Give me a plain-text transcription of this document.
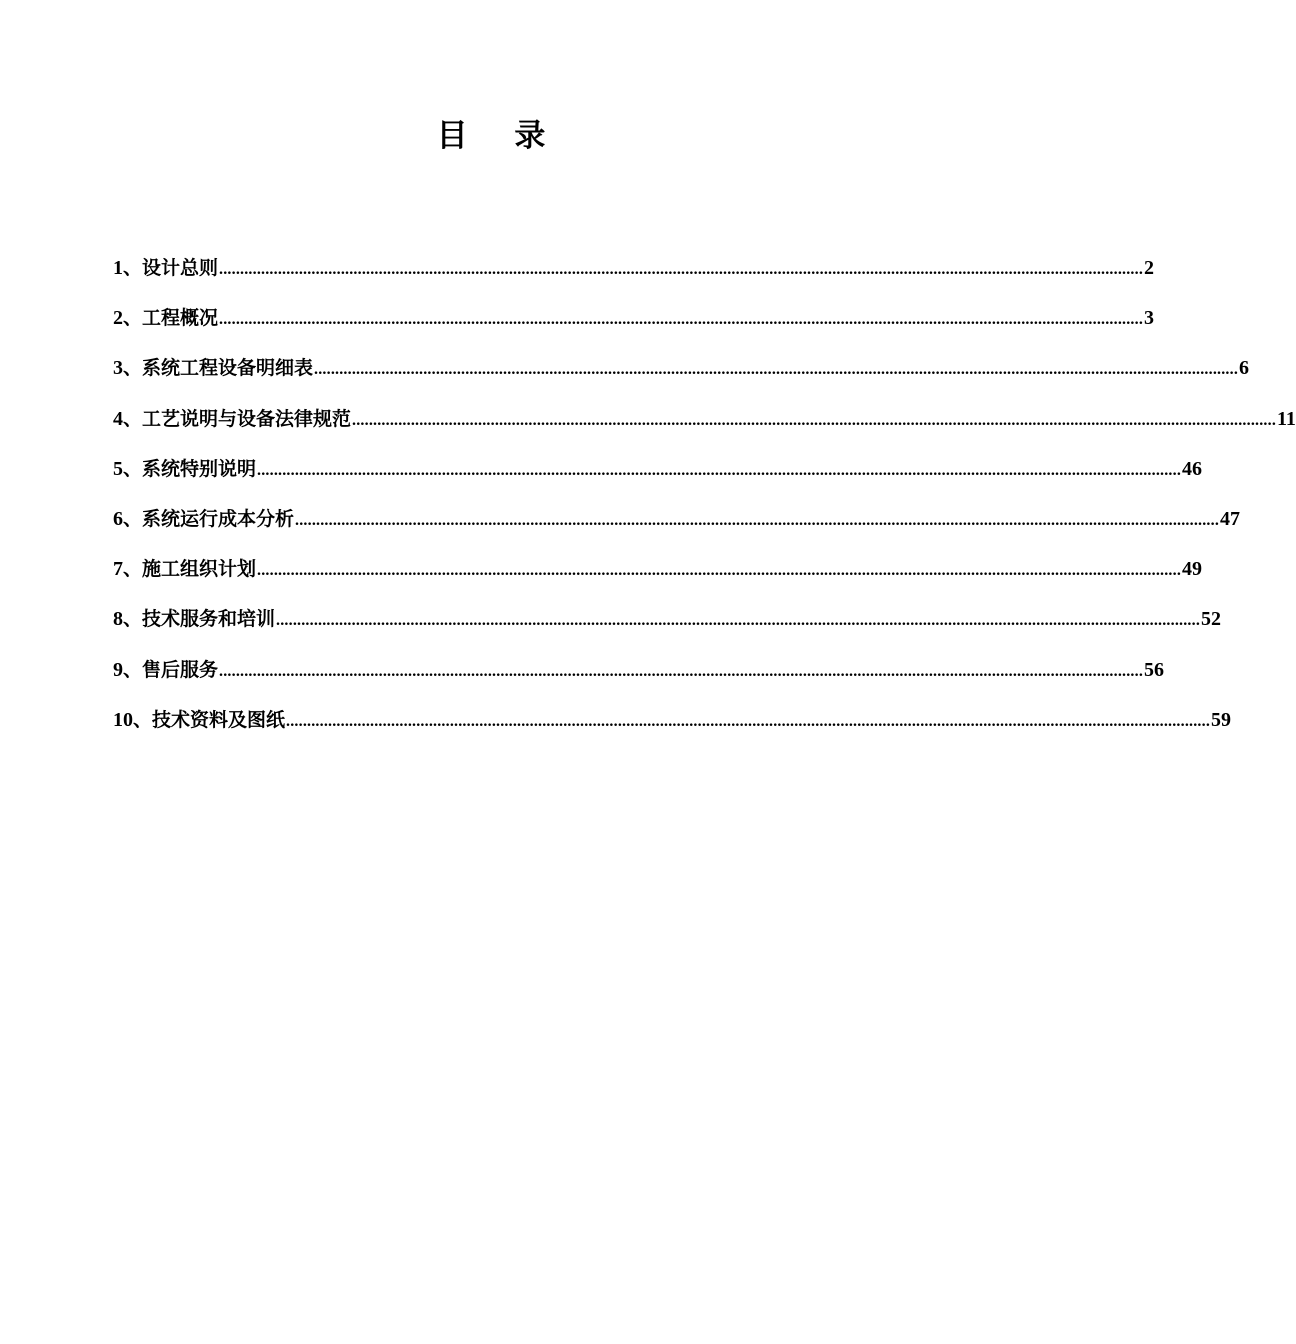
目 录
1、设计总则 ............................................................................................................................................................................................................................ 2
2、工程概况 ............................................................................................................................................................................................................................ 3
3、系统工程设备明细表 ............................................................................................................................................................................................................................ 6
4、工艺说明与设备法律规范 ............................................................................................................................................................................................................................ 11
5、系统特别说明 ............................................................................................................................................................................................................................ 46
6、系统运行成本分析 ............................................................................................................................................................................................................................ 47
7、施工组织计划 ............................................................................................................................................................................................................................ 49
8、技术服务和培训 ............................................................................................................................................................................................................................ 52
9、售后服务 ............................................................................................................................................................................................................................ 56
10、技术资料及图纸 ............................................................................................................................................................................................................................ 59
